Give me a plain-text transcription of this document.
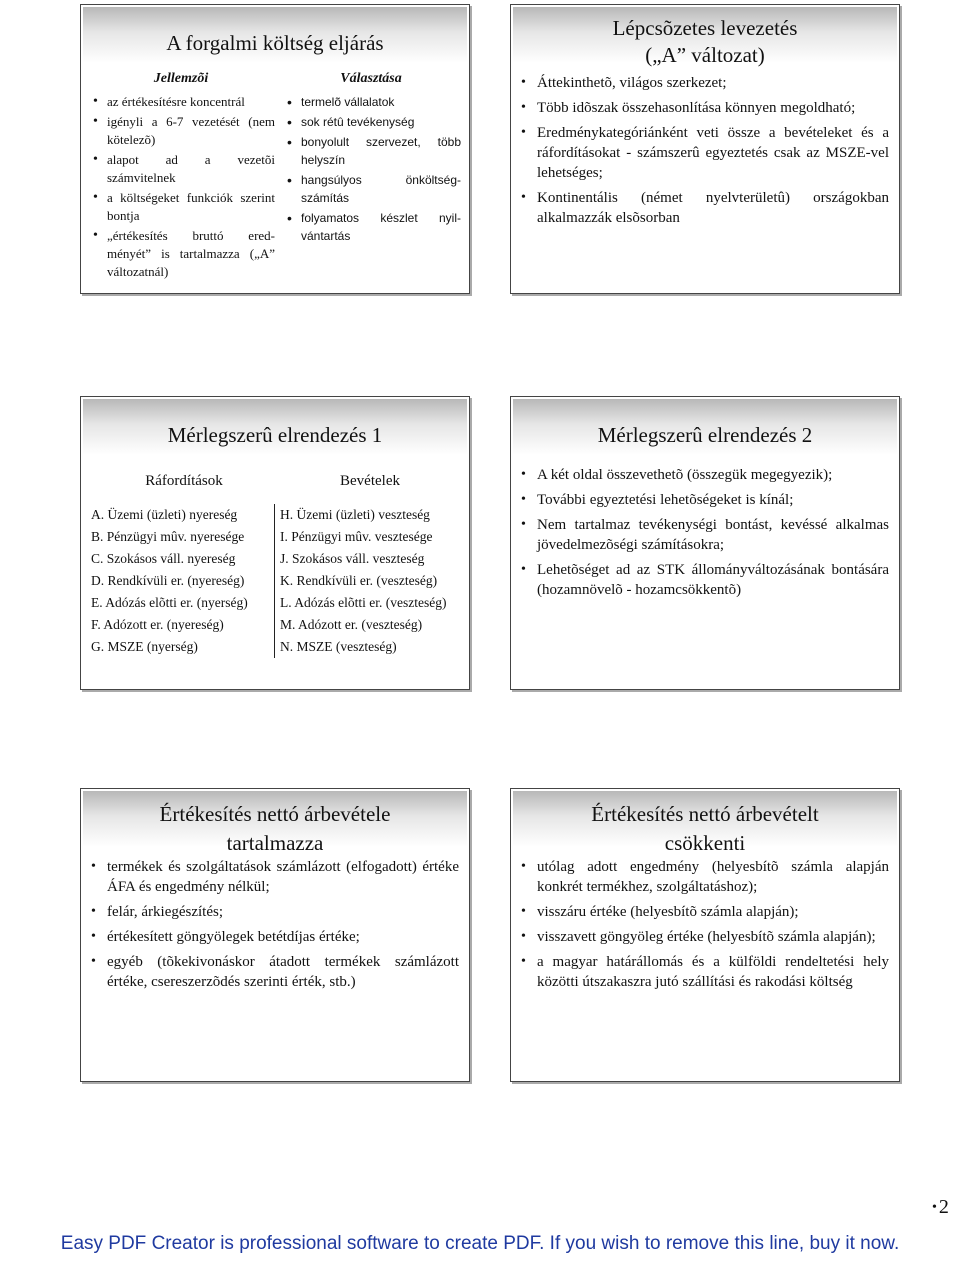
A forgalmi költség eljárás
Jellemzõi
• az értékesítésre koncentrál
• igényli a 6-7 vezetését (nem kötelezõ)
• alapot ad a vezetõi számvitelnek
• a költségeket funkciók szerint bontja
• „értékesítés bruttó ered-ményét” is tartalmazza („A” változatnál)
Választása
• termelõ vállalatok
• sok rétû tevékenység
• bonyolult szervezet, több helyszín
• hangsúlyos önköltség-számítás
• folyamatos készlet nyil-vántartás
Lépcsõzetes levezetés
(„A” változat)
• Áttekinthetõ, világos szerkezet;
• Több idõszak összehasonlítása könnyen megoldható;
• Eredménykategóriánként veti össze a bevételeket és a ráfordításokat - számszerû egyeztetés csak az MSZE-vel lehetséges;
• Kontinentális (német nyelvterületû) országokban alkalmazzák elsõsorban
Mérlegszerû elrendezés 1
Ráfordítások	Bevételek
A. Üzemi (üzleti) nyereség
B. Pénzügyi mûv. nyeresége
C. Szokásos váll. nyereség
D. Rendkívüli er. (nyereség)
E. Adózás elõtti er. (nyerség)
F. Adózott er. (nyereség)
G. MSZE (nyerség)
H. Üzemi (üzleti) veszteség
I. Pénzügyi mûv. vesztesége
J. Szokásos váll. veszteség
K. Rendkívüli er. (veszteség)
L. Adózás elõtti er. (veszteség)
M. Adózott er. (veszteség)
N. MSZE (veszteség)
Mérlegszerû elrendezés 2
• A két oldal összevethetõ (összegük megegyezik);
• További egyeztetési lehetõségeket is kínál;
• Nem tartalmaz tevékenységi bontást, kevéssé alkalmas jövedelmezõségi számításokra;
• Lehetõséget ad az STK állományváltozásának bontására (hozamnövelõ - hozamcsökkentõ)
Értékesítés nettó árbevétele
tartalmazza
• termékek és szolgáltatások számlázott (elfogadott) értéke ÁFA és engedmény nélkül;
• felár, árkiegészítés;
• értékesített göngyölegek betétdíjas értéke;
• egyéb (tõkekivonáskor átadott termékek számlázott értéke, csereszerzõdés szerinti érték, stb.)
Értékesítés nettó árbevételt
csökkenti
• utólag adott engedmény (helyesbítõ számla alapján konkrét termékhez, szolgáltatáshoz);
• visszáru értéke (helyesbítõ számla alapján);
• visszavett göngyöleg értéke (helyesbítõ számla alapján);
• a magyar határállomás és a külföldi rendeltetési hely közötti útszakaszra jutó szállítási és rakodási költség
• 2
Easy PDF Creator is professional software to create PDF. If you wish to remove this line, buy it now.
